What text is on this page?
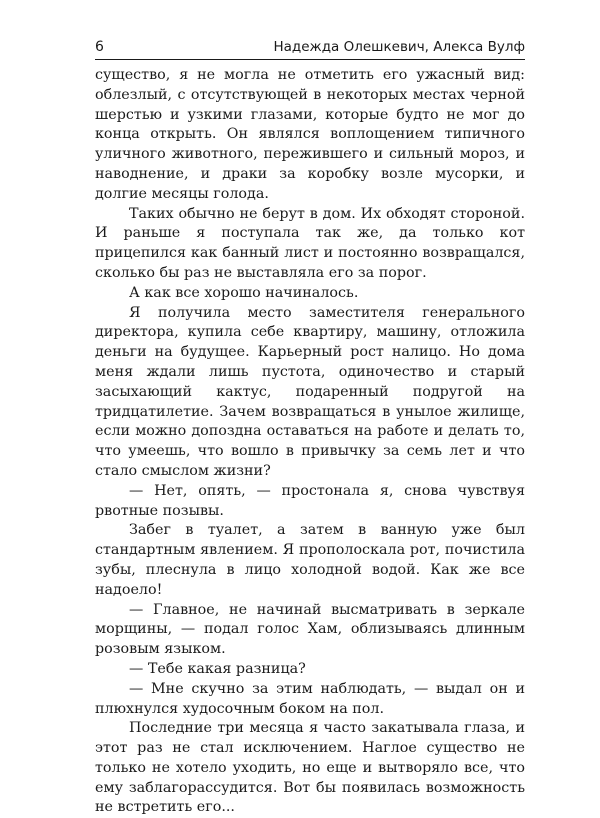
6	Надежда Олешкевич, Алекса Вулф

существо, я не могла не отметить его ужасный вид: облезлый, с отсутствующей в некоторых местах черной шерстью и узкими глазами, которые будто не мог до конца открыть. Он являлся воплощением типичного уличного животного, пережившего и сильный мороз, и наводнение, и драки за коробку возле мусорки, и долгие месяцы голода.

Таких обычно не берут в дом. Их обходят стороной. И раньше я поступала так же, да только кот прицепился как банный лист и постоянно возвращался, сколько бы раз не выставляла его за порог.

А как все хорошо начиналось.

Я получила место заместителя генерального директора, купила себе квартиру, машину, отложила деньги на будущее. Карьерный рост налицо. Но дома меня ждали лишь пустота, одиночество и старый засыхающий кактус, подаренный подругой на тридцатилетие. Зачем возвращаться в унылое жилище, если можно допоздна оставаться на работе и делать то, что умеешь, что вошло в привычку за семь лет и что стало смыслом жизни?

— Нет, опять, — простонала я, снова чувствуя рвотные позывы.

Забег в туалет, а затем в ванную уже был стандартным явлением. Я прополоскала рот, почистила зубы, плеснула в лицо холодной водой. Как же все надоело!

— Главное, не начинай высматривать в зеркале морщины, — подал голос Хам, облизываясь длинным розовым языком.

— Тебе какая разница?

— Мне скучно за этим наблюдать, — выдал он и плюхнулся худосочным боком на пол.

Последние три месяца я часто закатывала глаза, и этот раз не стал исключением. Наглое существо не только не хотело уходить, но еще и вытворяло все, что ему заблагорассудится. Вот бы появилась возможность не встретить его...
